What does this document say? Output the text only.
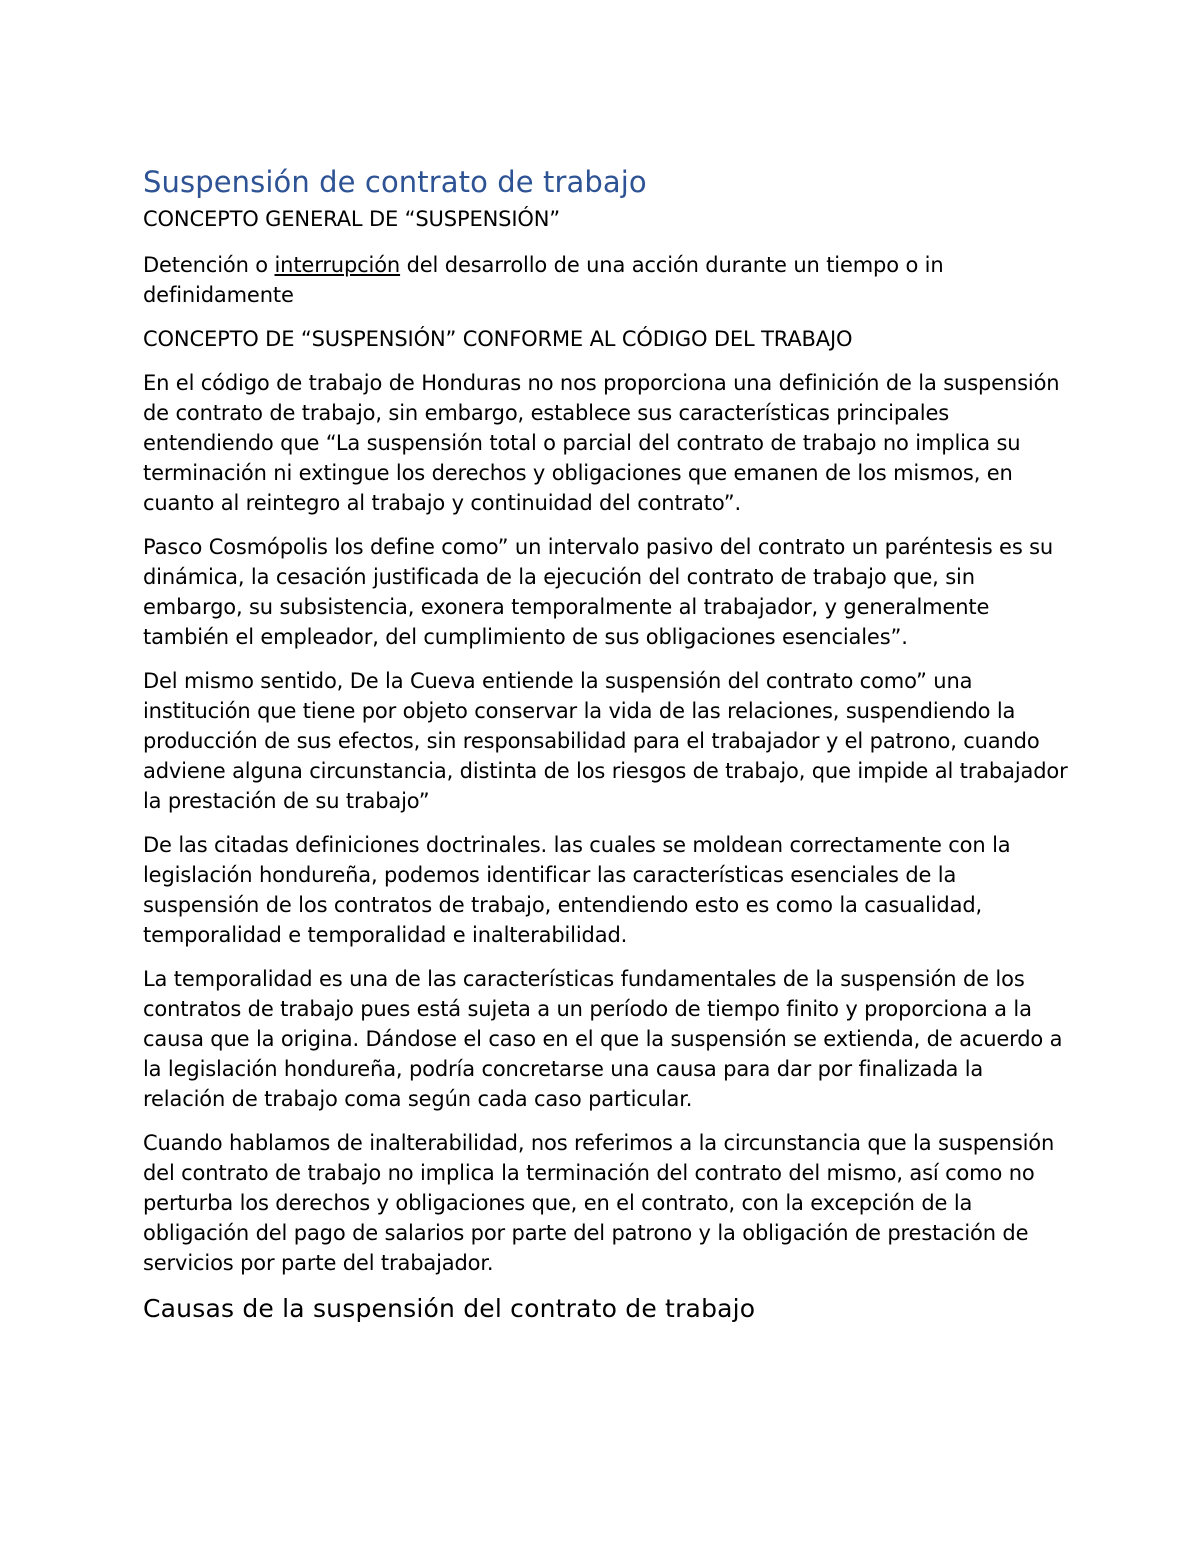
Suspensión de contrato de trabajo

CONCEPTO GENERAL DE “SUSPENSIÓN”

Detención o interrupción del desarrollo de una acción durante un tiempo o in definidamente

CONCEPTO DE “SUSPENSIÓN” CONFORME AL CÓDIGO DEL TRABAJO

En el código de trabajo de Honduras no nos proporciona una definición de la suspensión de contrato de trabajo, sin embargo, establece sus características principales entendiendo que “La suspensión total o parcial del contrato de trabajo no implica su terminación ni extingue los derechos y obligaciones que emanen de los mismos, en cuanto al reintegro al trabajo y continuidad del contrato”.

Pasco Cosmópolis los define como” un intervalo pasivo del contrato un paréntesis es su dinámica, la cesación justificada de la ejecución del contrato de trabajo que, sin embargo, su subsistencia, exonera temporalmente al trabajador, y generalmente también el empleador, del cumplimiento de sus obligaciones esenciales”.

Del mismo sentido, De la Cueva entiende la suspensión del contrato como” una institución que tiene por objeto conservar la vida de las relaciones, suspendiendo la producción de sus efectos, sin responsabilidad para el trabajador y el patrono, cuando adviene alguna circunstancia, distinta de los riesgos de trabajo, que impide al trabajador la prestación de su trabajo”

De las citadas definiciones doctrinales. las cuales se moldean correctamente con la legislación hondureña, podemos identificar las características esenciales de la suspensión de los contratos de trabajo, entendiendo esto es como la casualidad, temporalidad e temporalidad e inalterabilidad.

La temporalidad es una de las características fundamentales de la suspensión de los contratos de trabajo pues está sujeta a un período de tiempo finito y proporciona a la causa que la origina. Dándose el caso en el que la suspensión se extienda, de acuerdo a la legislación hondureña, podría concretarse una causa para dar por finalizada la relación de trabajo coma según cada caso particular.

Cuando hablamos de inalterabilidad, nos referimos a la circunstancia que la suspensión del contrato de trabajo no implica la terminación del contrato del mismo, así como no perturba los derechos y obligaciones que, en el contrato, con la excepción de la obligación del pago de salarios por parte del patrono y la obligación de prestación de servicios por parte del trabajador.

Causas de la suspensión del contrato de trabajo
